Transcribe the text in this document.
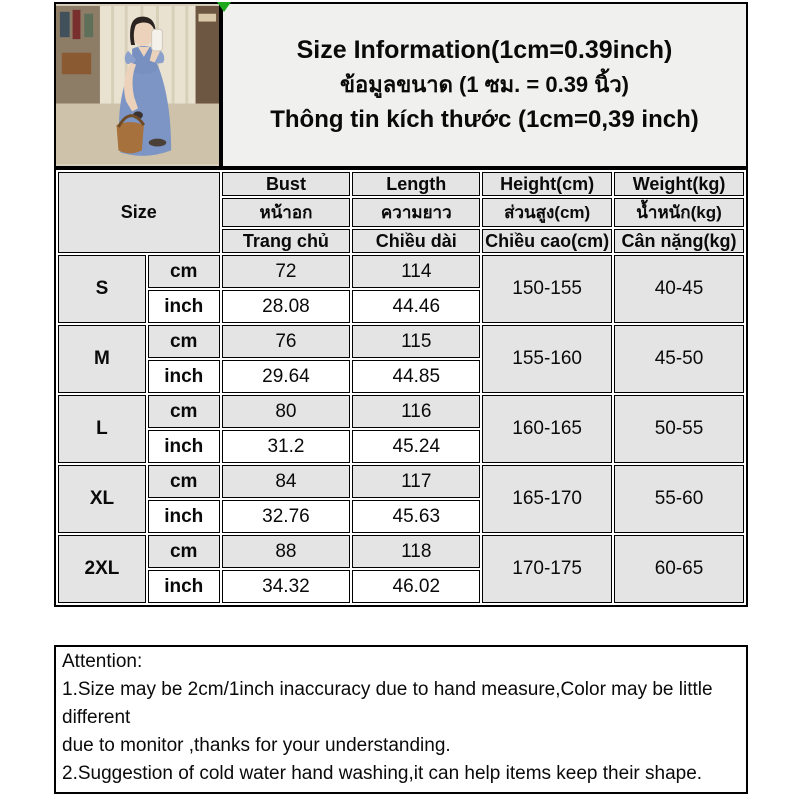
Size Information(1cm=0.39inch)
ข้อมูลขนาด (1 ซม. = 0.39 นิ้ว)
Thông tin kích thước (1cm=0,39 inch)
Size		Bust	Length	Height(cm)	Weight(kg)
		หน้าอก	ความยาว	ส่วนสูง(cm)	น้ำหนัก(kg)
		Trang chủ	Chiều dài	Chiều cao(cm)	Cân nặng(kg)
S	cm	72	114	150-155	40-45
	inch	28.08	44.46		
M	cm	76	115	155-160	45-50
	inch	29.64	44.85		
L	cm	80	116	160-165	50-55
	inch	31.2	45.24		
XL	cm	84	117	165-170	55-60
	inch	32.76	45.63		
2XL	cm	88	118	170-175	60-65
	inch	34.32	46.02		
Attention:
1.Size may be 2cm/1inch inaccuracy due to hand measure,Color may be little different
due to monitor ,thanks for your understanding.
2.Suggestion of cold water hand washing,it can help items keep their shape.
